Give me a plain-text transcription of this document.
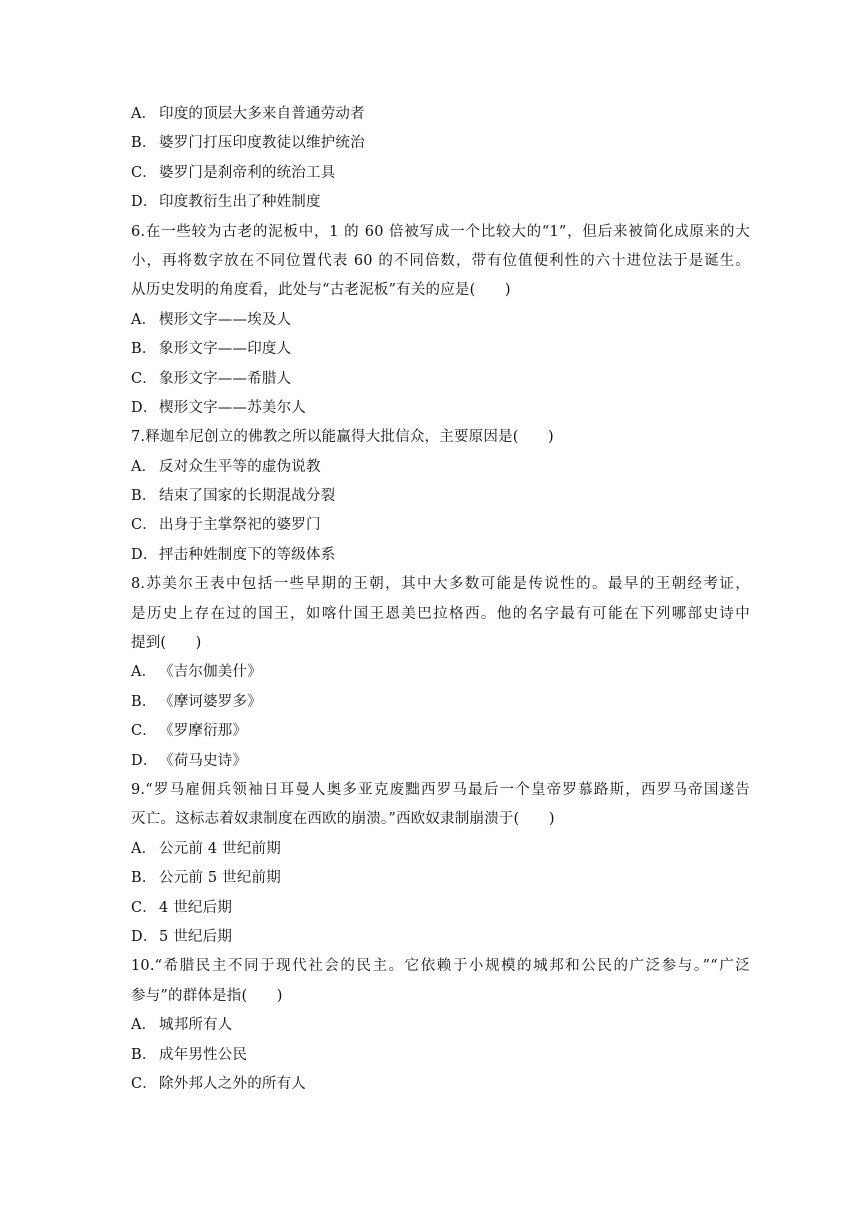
A． 印度的顶层大多来自普通劳动者
B． 婆罗门打压印度教徒以维护统治
C． 婆罗门是刹帝利的统治工具
D．印度教衍生出了种姓制度
6.在一些较为古老的泥板中，1 的 60 倍被写成一个比较大的“1”，但后来被简化成原来的大
小，再将数字放在不同位置代表 60 的不同倍数，带有位值便利性的六十进位法于是诞生。
从历史发明的角度看，此处与“古老泥板”有关的应是(　　)
A． 楔形文字——埃及人
B． 象形文字——印度人
C． 象形文字——希腊人
D．楔形文字——苏美尔人
7.释迦牟尼创立的佛教之所以能赢得大批信众，主要原因是(　　)
A． 反对众生平等的虚伪说教
B． 结束了国家的长期混战分裂
C． 出身于主掌祭祀的婆罗门
D．抨击种姓制度下的等级体系
8.苏美尔王表中包括一些早期的王朝，其中大多数可能是传说性的。最早的王朝经考证，
是历史上存在过的国王，如喀什国王恩美巴拉格西。他的名字最有可能在下列哪部史诗中
提到(　　)
A． 《吉尔伽美什》
B． 《摩诃婆罗多》
C． 《罗摩衍那》
D．《荷马史诗》
9.“罗马雇佣兵领袖日耳曼人奥多亚克废黜西罗马最后一个皇帝罗慕路斯，西罗马帝国遂告
灭亡。这标志着奴隶制度在西欧的崩溃。”西欧奴隶制崩溃于(　　)
A． 公元前 4 世纪前期
B． 公元前 5 世纪前期
C． 4 世纪后期
D．5 世纪后期
10.“希腊民主不同于现代社会的民主。它依赖于小规模的城邦和公民的广泛参与。”“广泛
参与”的群体是指(　　)
A． 城邦所有人
B． 成年男性公民
C． 除外邦人之外的所有人
